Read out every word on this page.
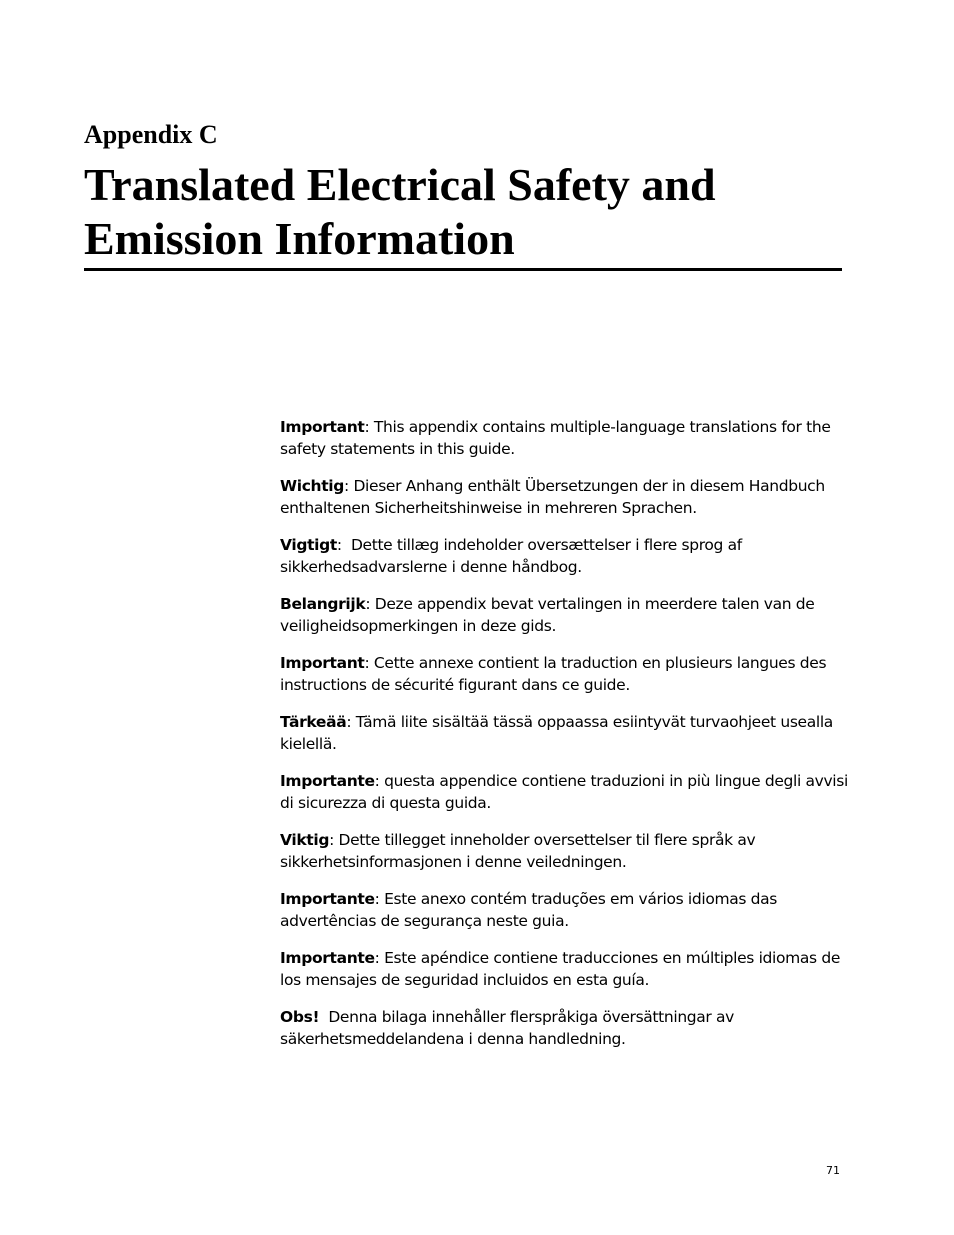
Appendix C
Translated Electrical Safety and
Emission Information

Important: This appendix contains multiple-language translations for the safety statements in this guide.

Wichtig: Dieser Anhang enthält Übersetzungen der in diesem Handbuch enthaltenen Sicherheitshinweise in mehreren Sprachen.

Vigtigt:  Dette tillæg indeholder oversættelser i flere sprog af sikkerhedsadvarslerne i denne håndbog.

Belangrijk: Deze appendix bevat vertalingen in meerdere talen van de veiligheidsopmerkingen in deze gids.

Important: Cette annexe contient la traduction en plusieurs langues des instructions de sécurité figurant dans ce guide.

Tärkeää: Tämä liite sisältää tässä oppaassa esiintyvät turvaohjeet usealla kielellä.

Importante: questa appendice contiene traduzioni in più lingue degli avvisi di sicurezza di questa guida.

Viktig: Dette tillegget inneholder oversettelser til flere språk av sikkerhetsinformasjonen i denne veiledningen.

Importante: Este anexo contém traduções em vários idiomas das advertências de segurança neste guia.

Importante: Este apéndice contiene traducciones en múltiples idiomas de los mensajes de seguridad incluidos en esta guía.

Obs!  Denna bilaga innehåller flerspråkiga översättningar av säkerhetsmeddelandena i denna handledning.

71
